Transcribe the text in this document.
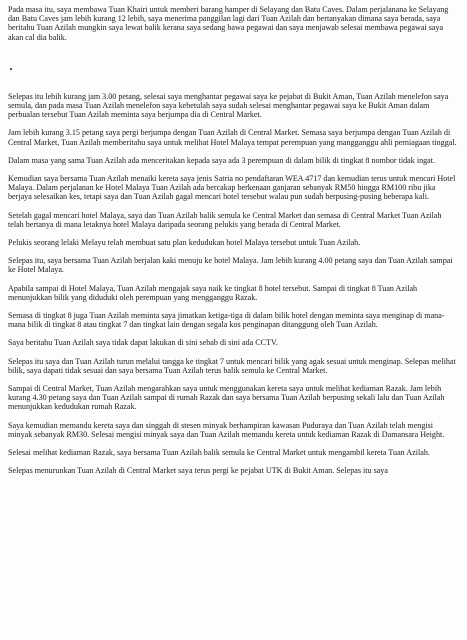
Pada masa itu, saya membawa Tuan Khairi untuk memberi barang hamper di Selayang dan Batu Caves. Dalam perjalanana ke Selayang dan Batu Caves jam lebih kurang 12 lebih, saya menerima panggilan lagi dari Tuan Azilah dan bertanyakan dimana saya berada, saya beritahu Tuan Azilah mungkin saya lewat balik kerana saya sedang bawa pegawai dan saya menjawab selesai membawa pegawai saya akan cal dia balik.

Selepas itu lebih kurang jam 3.00 petang, selesai saya menghantar pegawai saya ke pejabat di Bukit Aman, Tuan Azilah menelefon saya semula, dan pada masa Tuan Azilah menelefon saya kebetulah saya sudah selesai menghantar pegawai saya ke Bukit Aman dalam perbualan tersebut Tuan Azilah meminta saya berjumpa dia di Central Market.

Jam lebih kurang 3.15 petang saya pergi berjumpa dengan Tuan Azilah di Central Market. Semasa saya berjumpa dengan Tuan Azilah di Central Market, Tuan Azilah memberitahu saya untuk melihat Hotel Malaya tempat perempuan yang mangganggu ahli perniagaan tinggal.

Dalam masa yang sama Tuan Azilah ada menceritakan kepada saya ada 3 perempuan di dalam bilik di tingkat 8 nombor tidak ingat.

Kemudian saya bersama Tuan Azilah menaiki kereta saya jenis Satria no pendaftaran WEA 4717 dan kemudian terus untuk mencari Hotel Malaya. Dalam perjalanan ke Hotel Malaya Tuan Azilah ada bercakap berkenaan ganjaran sebanyak RM50 hingga RM100 ribu jika berjaya selesaikan kes, tetapi saya dan Tuan Azilah gagal mencari hotel tersebut walau pun sudah berpusing-pusing beberapa kali.

Setelah gagal mencari hotel Malaya, saya dan Tuan Azilah balik semula ke Central Market dan semasa di Central Market Tuan Azilah telah bertanya di mana letaknya hotel Malaya daripada seorang pelukis yang berada di Central Market.

Pelukis seorang lelaki Melayu telah membuat satu plan kedudukan hotel Malaya tersebut untuk Tuan Azilah.

Selepas itu, saya bersama Tuan Azilah berjalan kaki menuju ke hotel Malaya. Jam lebih kurang 4.00 petang saya dan Tuan Azilah sampai ke Hotel Malaya.

Apabila sampai di Hotel Malaya, Tuan Azilah mengajak saya naik ke tingkat 8 hotel tersebut. Sampai di tingkat 8 Tuan Azilah menunjukkan bilik yang diduduki oleh perempuan yang mengganggu Razak.

Semasa di tingkat 8 juga Tuan Azilah meminta saya jimatkan ketiga-tiga di dalam bilik hotel dengan meminta saya menginap di mana-mana bilik di tingkat 8 atau tingkat 7 dan tingkat lain dengan segala kos penginapan ditanggung oleh Tuan Azilah.

Saya beritahu Tuan Azilah saya tidak dapat lakukan di sini sebab di sini ada CCTV.

Selepas itu saya dan Tuan Azilah turun melalui tangga ke tingkat 7 untuk mencari bilik yang agak sesuai untuk menginap. Selepas melihat bilik, saya dapati tidak sesuai dan saya bersama Tuan Azilah terus balik semula ke Central Market.

Sampai di Central Market, Tuan Azilah mengarahkan saya untuk menggunakan kereta saya untuk melihat kediaman Razak. Jam lebih kurang 4.30 petang saya dan Tuan Azilah sampai di rumah Razak dan saya bersama Tuan Azilah berpusing sekali lalu dan Tuan Azilah menunjukkan kedudukan rumah Razak.

Saya kemudian memandu kereta saya dan singgah di stesen minyak berhampiran kawasan Pudurayа dan Tuan Azilah telah mengisi minyak sebanyak RM30. Selesai mengisi minyak saya dan Tuan Azilah memandu kereta untuk kediaman Razak di Damansara Height.

Selesai melihat kediaman Razak, saya bersama Tuan Azilah balik semula ke Central Market untuk mengambil kereta Tuan Azilah.

Selepas menurunkan Tuan Azilah di Central Market saya terus pergi ke pejabat UTK di Bukit Aman. Selepas itu saya
